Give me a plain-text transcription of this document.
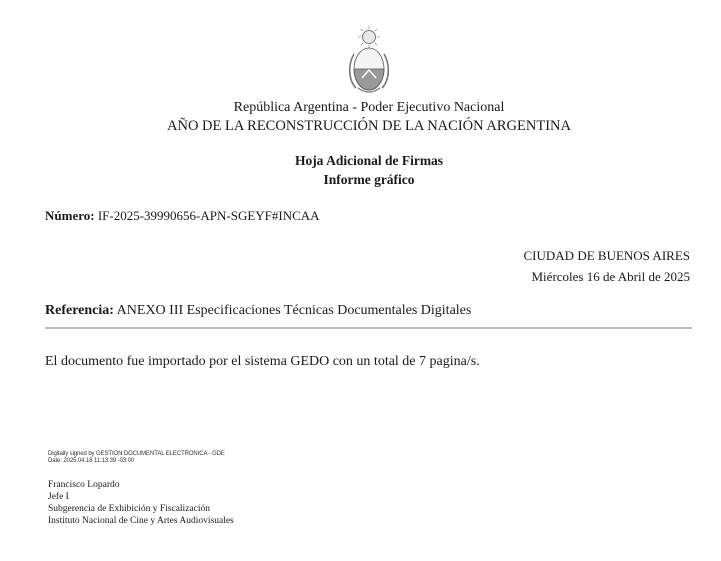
República Argentina - Poder Ejecutivo Nacional
AÑO DE LA RECONSTRUCCIÓN DE LA NACIÓN ARGENTINA
Hoja Adicional de Firmas
Informe gráfico
Número: IF-2025-39990656-APN-SGEYF#INCAA
CIUDAD DE BUENOS AIRES
Miércoles 16 de Abril de 2025
Referencia: ANEXO III Especificaciones Técnicas Documentales Digitales
El documento fue importado por el sistema GEDO con un total de 7 pagina/s.
Digitally signed by GESTION DOCUMENTAL ELECTRONICA - GDE
Date: 2025.04.16 11:13:39 -03:00
Francisco Lopardo
Jefe I
Subgerencia de Exhibición y Fiscalización
Instituto Nacional de Cine y Artes Audiovisuales
